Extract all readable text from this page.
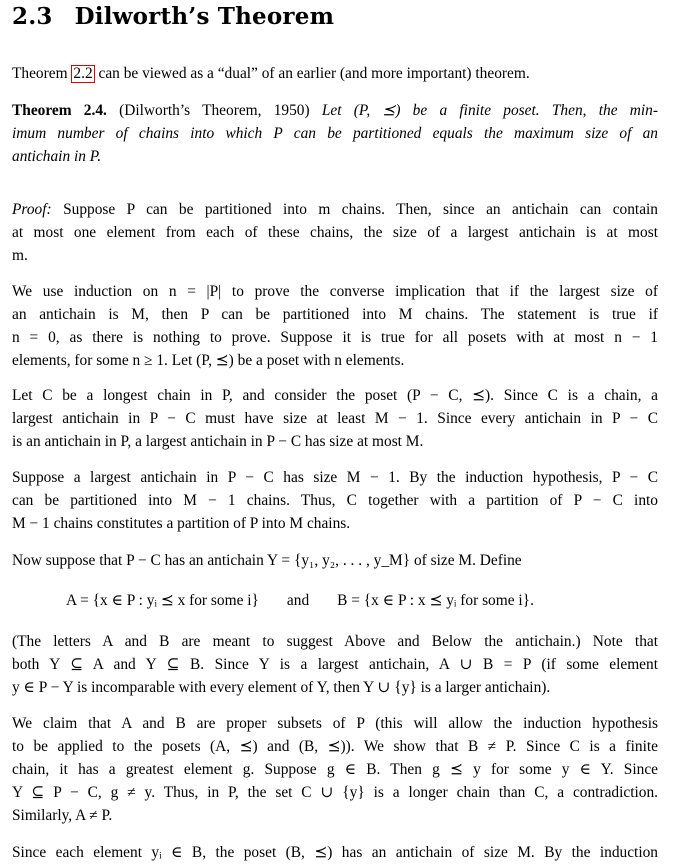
2.3 Dilworth’s Theorem
Theorem 2.2 can be viewed as a “dual” of an earlier (and more important) theorem.
Theorem 2.4. (Dilworth’s Theorem, 1950) Let (P, ⪯) be a finite poset. Then, the min-
imum number of chains into which P can be partitioned equals the maximum size of an
antichain in P.
Proof: Suppose P can be partitioned into m chains. Then, since an antichain can contain
at most one element from each of these chains, the size of a largest antichain is at most
m.
We use induction on n = |P| to prove the converse implication that if the largest size of
an antichain is M, then P can be partitioned into M chains. The statement is true if
n = 0, as there is nothing to prove. Suppose it is true for all posets with at most n − 1
elements, for some n ≥ 1. Let (P, ⪯) be a poset with n elements.
Let C be a longest chain in P, and consider the poset (P − C, ⪯). Since C is a chain, a
largest antichain in P − C must have size at least M − 1. Since every antichain in P − C
is an antichain in P, a largest antichain in P − C has size at most M.
Suppose a largest antichain in P − C has size M − 1. By the induction hypothesis, P − C
can be partitioned into M − 1 chains. Thus, C together with a partition of P − C into
M − 1 chains constitutes a partition of P into M chains.
Now suppose that P − C has an antichain Y = {y₁, y₂, . . . , y_M} of size M. Define
A = {x ∈ P : yᵢ ⪯ x for some i} and B = {x ∈ P : x ⪯ yᵢ for some i}.
(The letters A and B are meant to suggest Above and Below the antichain.) Note that
both Y ⊆ A and Y ⊆ B. Since Y is a largest antichain, A ∪ B = P (if some element
y ∈ P − Y is incomparable with every element of Y, then Y ∪ {y} is a larger antichain).
We claim that A and B are proper subsets of P (this will allow the induction hypothesis
to be applied to the posets (A, ⪯) and (B, ⪯)). We show that B ≠ P. Since C is a finite
chain, it has a greatest element g. Suppose g ∈ B. Then g ⪯ y for some y ∈ Y. Since
Y ⊆ P − C, g ≠ y. Thus, in P, the set C ∪ {y} is a longer chain than C, a contradiction.
Similarly, A ≠ P.
Since each element yᵢ ∈ B, the poset (B, ⪯) has an antichain of size M. By the induction
